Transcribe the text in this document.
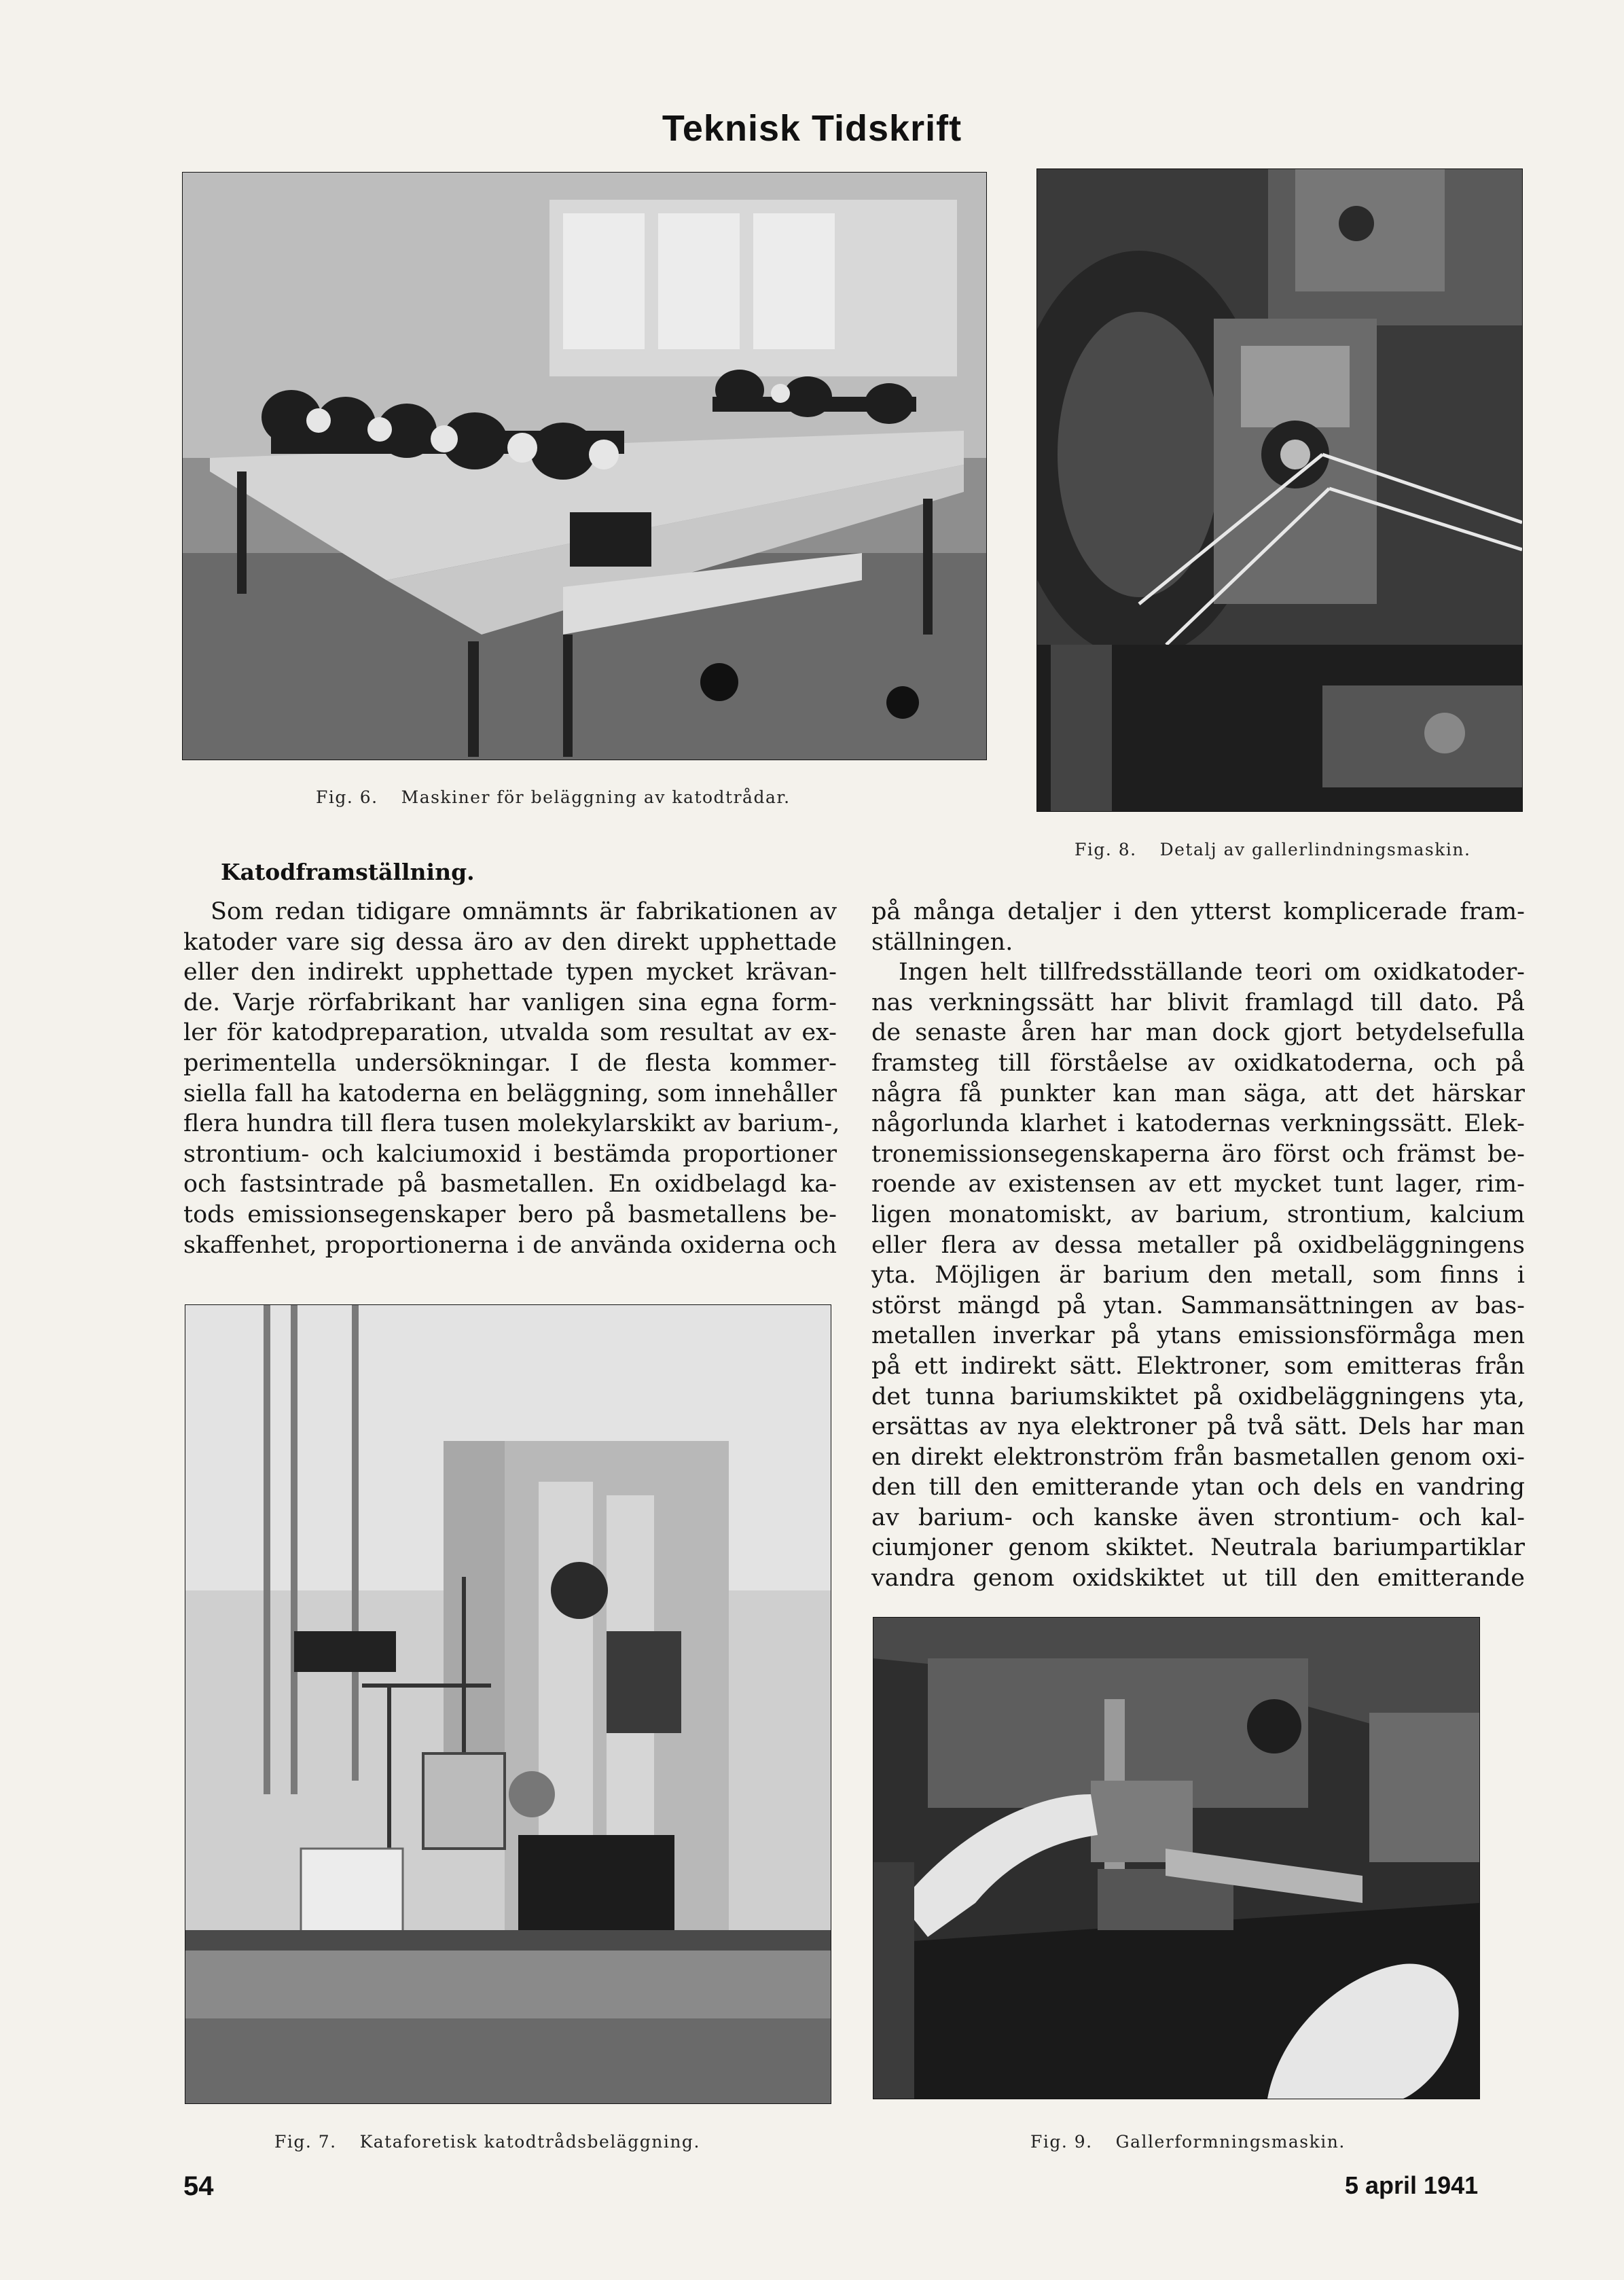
Teknisk Tidskrift
Fig. 6. Maskiner för beläggning av katodtrådar.
Fig. 8. Detalj av gallerlindningsmaskin.
Katodframställning.
Som redan tidigare omnämnts är fabrikationen av
katoder vare sig dessa äro av den direkt upphettade
eller den indirekt upphettade typen mycket krävan-
de. Varje rörfabrikant har vanligen sina egna form-
ler för katodpreparation, utvalda som resultat av ex-
perimentella undersökningar. I de flesta kommer-
siella fall ha katoderna en beläggning, som innehåller
flera hundra till flera tusen molekylarskikt av barium-,
strontium- och kalciumoxid i bestämda proportioner
och fastsintrade på basmetallen. En oxidbelagd ka-
tods emissionsegenskaper bero på basmetallens be-
skaffenhet, proportionerna i de använda oxiderna och
på många detaljer i den ytterst komplicerade fram-
ställningen.
Ingen helt tillfredsställande teori om oxidkatoder-
nas verkningssätt har blivit framlagd till dato. På
de senaste åren har man dock gjort betydelsefulla
framsteg till förståelse av oxidkatoderna, och på
några få punkter kan man säga, att det härskar
någorlunda klarhet i katodernas verkningssätt. Elek-
tronemissionsegenskaperna äro först och främst be-
roende av existensen av ett mycket tunt lager, rim-
ligen monatomiskt, av barium, strontium, kalcium
eller flera av dessa metaller på oxidbeläggningens
yta. Möjligen är barium den metall, som finns i
störst mängd på ytan. Sammansättningen av bas-
metallen inverkar på ytans emissionsförmåga men
på ett indirekt sätt. Elektroner, som emitteras från
det tunna bariumskiktet på oxidbeläggningens yta,
ersättas av nya elektroner på två sätt. Dels har man
en direkt elektronström från basmetallen genom oxi-
den till den emitterande ytan och dels en vandring
av barium- och kanske även strontium- och kal-
ciumjoner genom skiktet. Neutrala bariumpartiklar
vandra genom oxidskiktet ut till den emitterande
Fig. 7. Kataforetisk katodtrådsbeläggning.	Fig. 9. Gallerformningsmaskin.
54	5 april 1941
